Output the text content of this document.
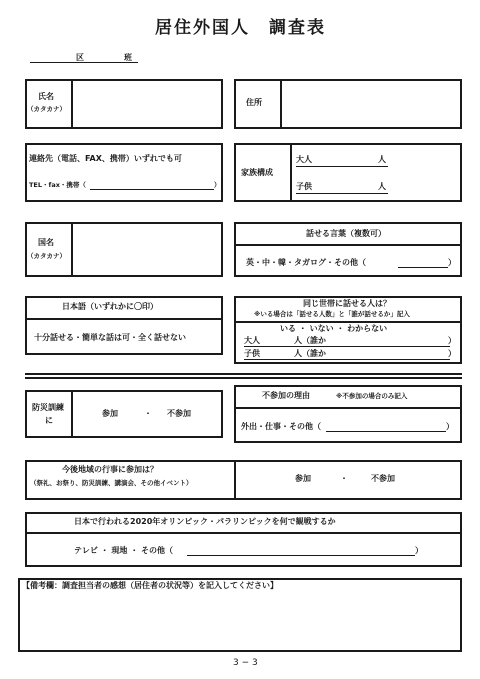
居住外国人　調査表
区	班
氏名
（カタカナ）
住所
連絡先（電話、FAX、携帯）いずれでも可
TEL・fax・携帯（	）
家族構成
大人	人
子供	人
国名
（カタカナ）
話せる言葉（複数可）
英・中・韓・タガログ・その他（	）
日本語（いずれかに〇印）
十分話せる・簡単な話は可・全く話せない
同じ世帯に話せる人は？
※いる場合は「話せる人数」と「誰が話せるか」記入
いる ・ いない ・ わからない
大人	人（誰か	）
子供	人（誰か	）
防災訓練
に
参加	・ 不参加
不参加の理由	※不参加の場合のみ記入
外出・仕事・その他（	）
今後地域の行事に参加は？
（祭礼、お祭り、防災訓練、講演会、その他イベント）	参加	・	不参加
日本で行われる2020年オリンピック・パラリンピックを何で観戦するか
テレビ ・ 現地 ・ その他（	）
【備考欄：調査担当者の感想（居住者の状況等）を記入してください】
3 − 3
